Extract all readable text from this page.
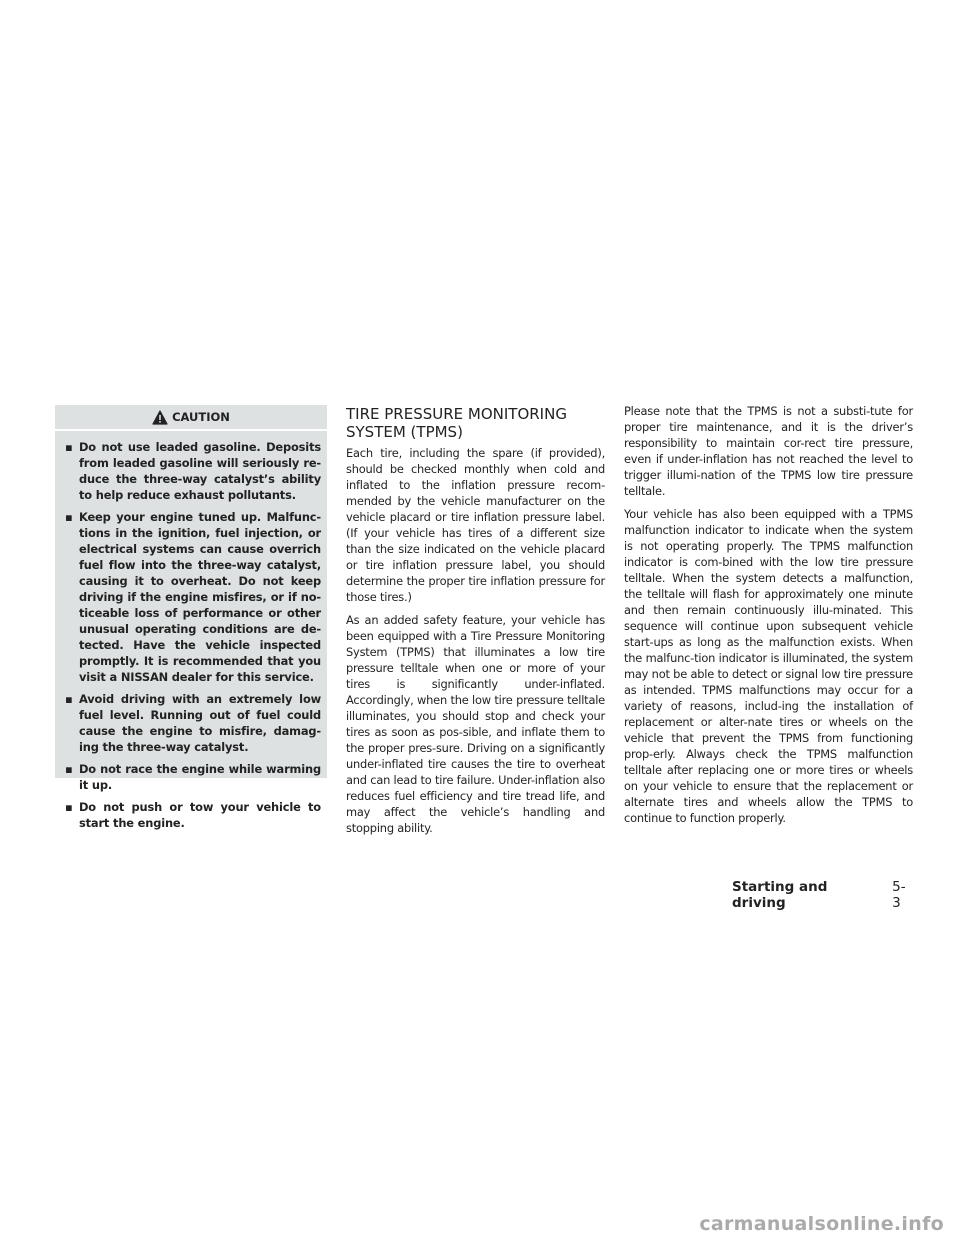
CAUTION
▪ Do not use leaded gasoline. Deposits from leaded gasoline will seriously re-duce the three-way catalyst’s ability to help reduce exhaust pollutants.
▪ Keep your engine tuned up. Malfunc-tions in the ignition, fuel injection, or electrical systems can cause overrich fuel flow into the three-way catalyst, causing it to overheat. Do not keep driving if the engine misfires, or if no-ticeable loss of performance or other unusual operating conditions are de-tected. Have the vehicle inspected promptly. It is recommended that you visit a NISSAN dealer for this service.
▪ Avoid driving with an extremely low fuel level. Running out of fuel could cause the engine to misfire, damag-ing the three-way catalyst.
▪ Do not race the engine while warming it up.
▪ Do not push or tow your vehicle to start the engine.
TIRE PRESSURE MONITORING
SYSTEM (TPMS)

Each tire, including the spare (if provided), should be checked monthly when cold and inflated to the inflation pressure recom-mended by the vehicle manufacturer on the vehicle placard or tire inflation pressure label. (If your vehicle has tires of a different size than the size indicated on the vehicle placard or tire inflation pressure label, you should determine the proper tire inflation pressure for those tires.)

As an added safety feature, your vehicle has been equipped with a Tire Pressure Monitoring System (TPMS) that illuminates a low tire pressure telltale when one or more of your tires is significantly under-inflated. Accordingly, when the low tire pressure telltale illuminates, you should stop and check your tires as soon as pos-sible, and inflate them to the proper pres-sure. Driving on a significantly under-inflated tire causes the tire to overheat and can lead to tire failure. Under-inflation also reduces fuel efficiency and tire tread life, and may affect the vehicle’s handling and stopping ability.

Please note that the TPMS is not a substi-tute for proper tire maintenance, and it is the driver’s responsibility to maintain cor-rect tire pressure, even if under-inflation has not reached the level to trigger illumi-nation of the TPMS low tire pressure telltale.

Your vehicle has also been equipped with a TPMS malfunction indicator to indicate when the system is not operating properly. The TPMS malfunction indicator is com-bined with the low tire pressure telltale. When the system detects a malfunction, the telltale will flash for approximately one minute and then remain continuously illu-minated. This sequence will continue upon subsequent vehicle start-ups as long as the malfunction exists. When the malfunc-tion indicator is illuminated, the system may not be able to detect or signal low tire pressure as intended. TPMS malfunctions may occur for a variety of reasons, includ-ing the installation of replacement or alter-nate tires or wheels on the vehicle that prevent the TPMS from functioning prop-erly. Always check the TPMS malfunction telltale after replacing one or more tires or wheels on your vehicle to ensure that the replacement or alternate tires and wheels allow the TPMS to continue to function properly.

Starting and driving
5-3
carmanualsonline.info
